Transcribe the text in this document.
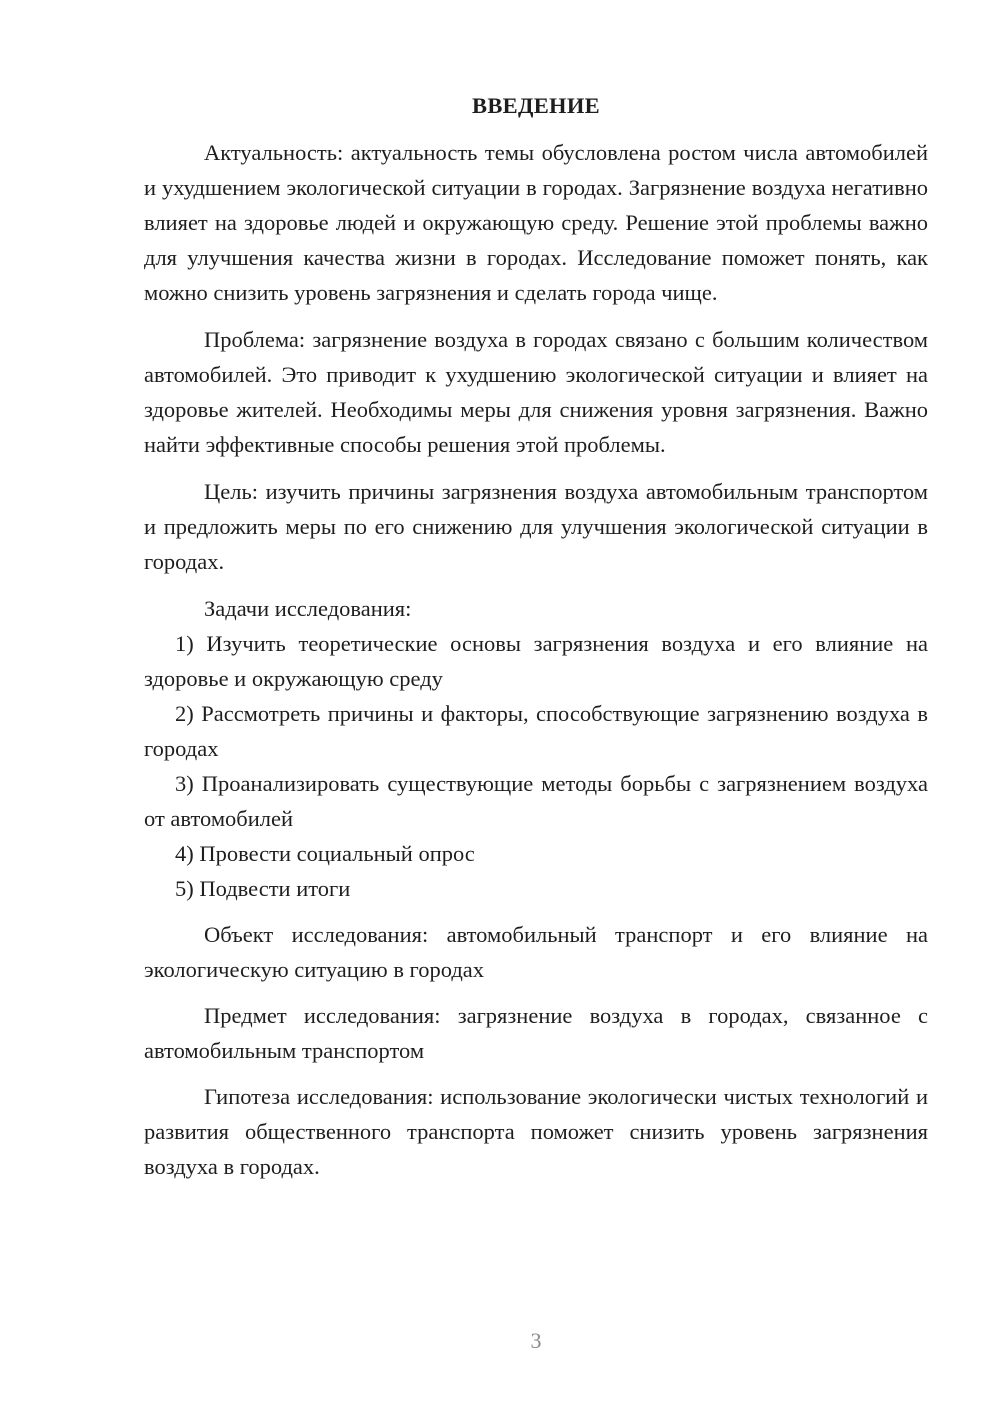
ВВЕДЕНИЕ

Актуальность: актуальность темы обусловлена ростом числа автомобилей и ухудшением экологической ситуации в городах. Загрязнение воздуха негативно влияет на здоровье людей и окружающую среду. Решение этой проблемы важно для улучшения качества жизни в городах. Исследование поможет понять, как можно снизить уровень загрязнения и сделать города чище.

Проблема: загрязнение воздуха в городах связано с большим количеством автомобилей. Это приводит к ухудшению экологической ситуации и влияет на здоровье жителей. Необходимы меры для снижения уровня загрязнения. Важно найти эффективные способы решения этой проблемы.

Цель: изучить причины загрязнения воздуха автомобильным транспортом и предложить меры по его снижению для улучшения экологической ситуации в городах.

Задачи исследования:

1) Изучить теоретические основы загрязнения воздуха и его влияние на здоровье и окружающую среду

2) Рассмотреть причины и факторы, способствующие загрязнению воздуха в городах

3) Проанализировать существующие методы борьбы с загрязнением воздуха от автомобилей

4) Провести социальный опрос

5) Подвести итоги

Объект исследования: автомобильный транспорт и его влияние на экологическую ситуацию в городах

Предмет исследования: загрязнение воздуха в городах, связанное с автомобильным транспортом

Гипотеза исследования: использование экологически чистых технологий и развития общественного транспорта поможет снизить уровень загрязнения воздуха в городах.

3
